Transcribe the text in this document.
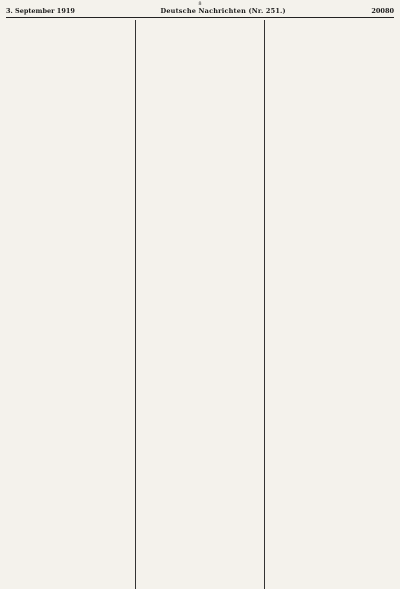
8
3. September 1919	Deutsche Nachrichten (Nr. 251.)	20080
